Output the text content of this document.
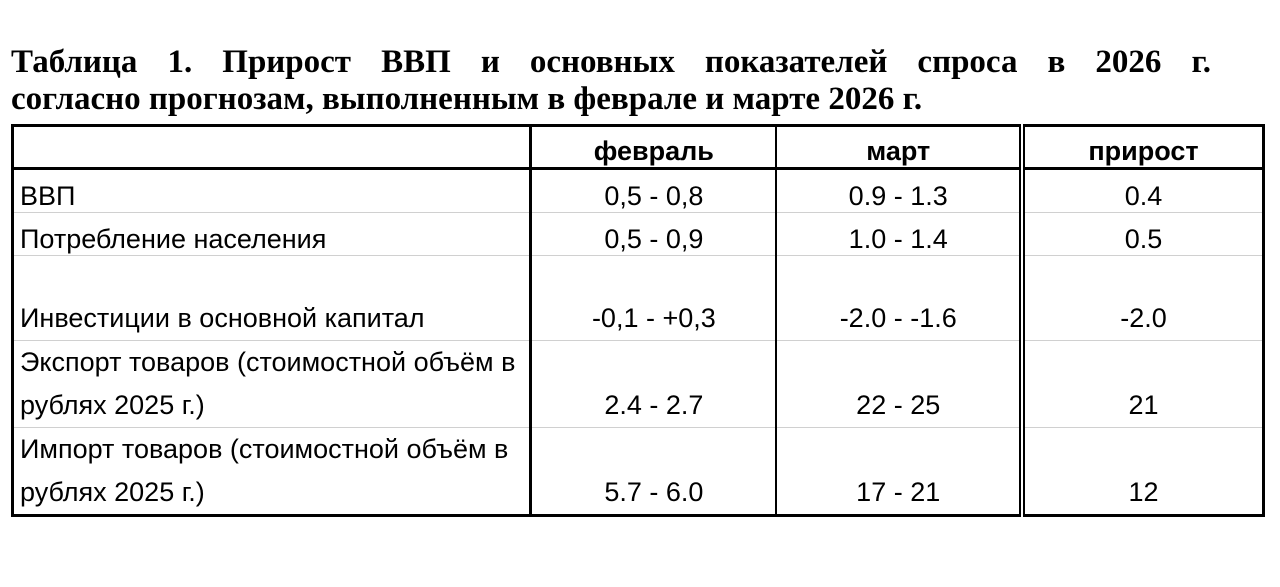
Таблица 1. Прирост ВВП и основных показателей спроса в 2026 г.
согласно прогнозам, выполненным в феврале и марте 2026 г.
	февраль	март	прирост
ВВП	0,5 - 0,8	0.9 - 1.3	0.4
Потребление населения	0,5 - 0,9	1.0 - 1.4	0.5
Инвестиции в основной капитал	-0,1 - +0,3	-2.0 - -1.6	-2.0
Экспорт товаров (стоимостной объём в рублях 2025 г.)	2.4 - 2.7	22 - 25	21
Импорт товаров (стоимостной объём в рублях 2025 г.)	5.7 - 6.0	17 - 21	12
